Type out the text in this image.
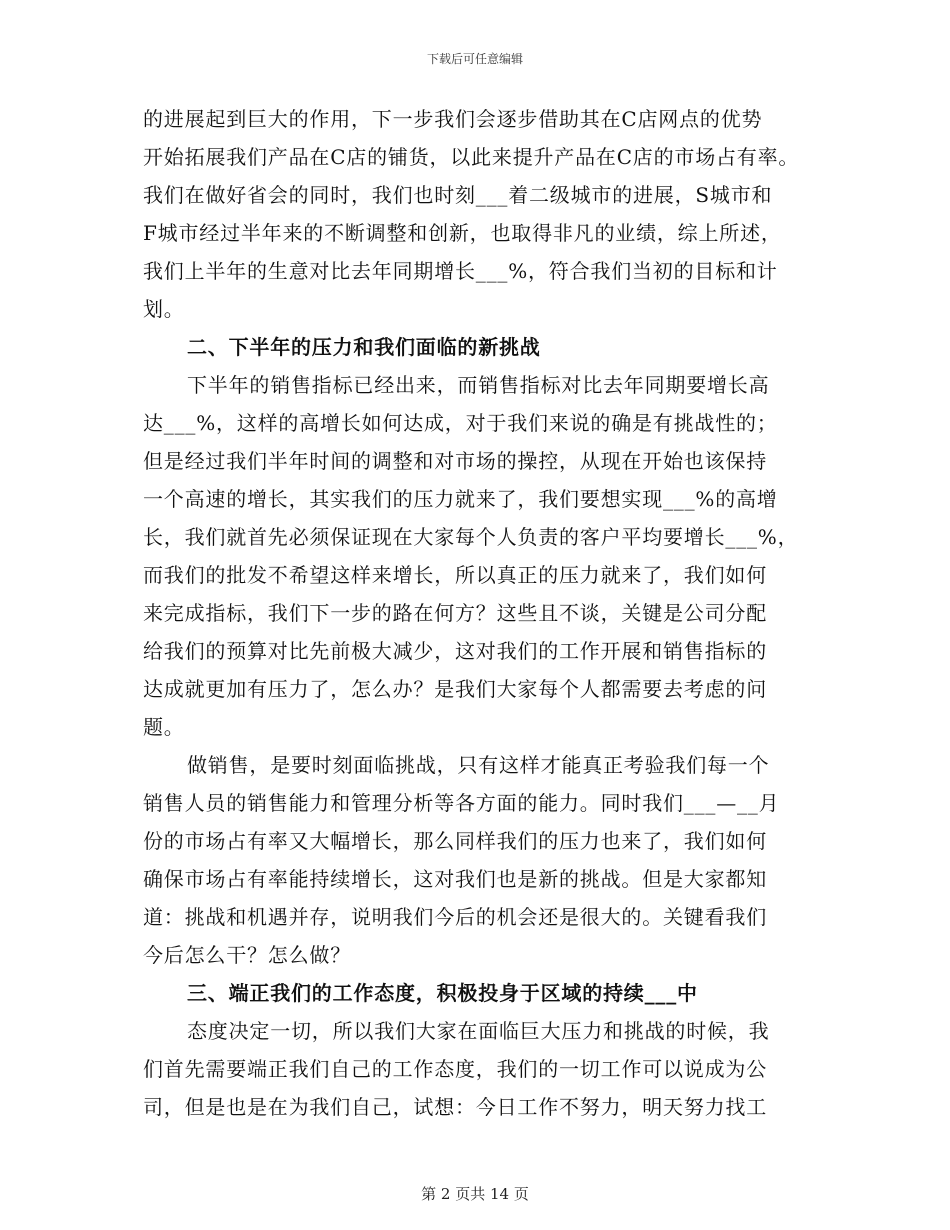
下载后可任意编辑
的进展起到巨大的作用，下一步我们会逐步借助其在C店网点的优势
开始拓展我们产品在C店的铺货，以此来提升产品在C店的市场占有率。
我们在做好省会的同时，我们也时刻___着二级城市的进展，S城市和
F城市经过半年来的不断调整和创新，也取得非凡的业绩，综上所述，
我们上半年的生意对比去年同期增长___%，符合我们当初的目标和计
划。
二、下半年的压力和我们面临的新挑战
下半年的销售指标已经出来，而销售指标对比去年同期要增长高
达___%，这样的高增长如何达成，对于我们来说的确是有挑战性的；
但是经过我们半年时间的调整和对市场的操控，从现在开始也该保持
一个高速的增长，其实我们的压力就来了，我们要想实现___%的高增
长，我们就首先必须保证现在大家每个人负责的客户平均要增长___%，
而我们的批发不希望这样来增长，所以真正的压力就来了，我们如何
来完成指标，我们下一步的路在何方？这些且不谈，关键是公司分配
给我们的预算对比先前极大减少，这对我们的工作开展和销售指标的
达成就更加有压力了，怎么办？是我们大家每个人都需要去考虑的问
题。
做销售，是要时刻面临挑战，只有这样才能真正考验我们每一个
销售人员的销售能力和管理分析等各方面的能力。同时我们___—__月
份的市场占有率又大幅增长，那么同样我们的压力也来了，我们如何
确保市场占有率能持续增长，这对我们也是新的挑战。但是大家都知
道：挑战和机遇并存，说明我们今后的机会还是很大的。关键看我们
今后怎么干？怎么做？
三、端正我们的工作态度，积极投身于区域的持续___中
态度决定一切，所以我们大家在面临巨大压力和挑战的时候，我
们首先需要端正我们自己的工作态度，我们的一切工作可以说成为公
司，但是也是在为我们自己，试想：今日工作不努力，明天努力找工
第 2 页共 14 页
